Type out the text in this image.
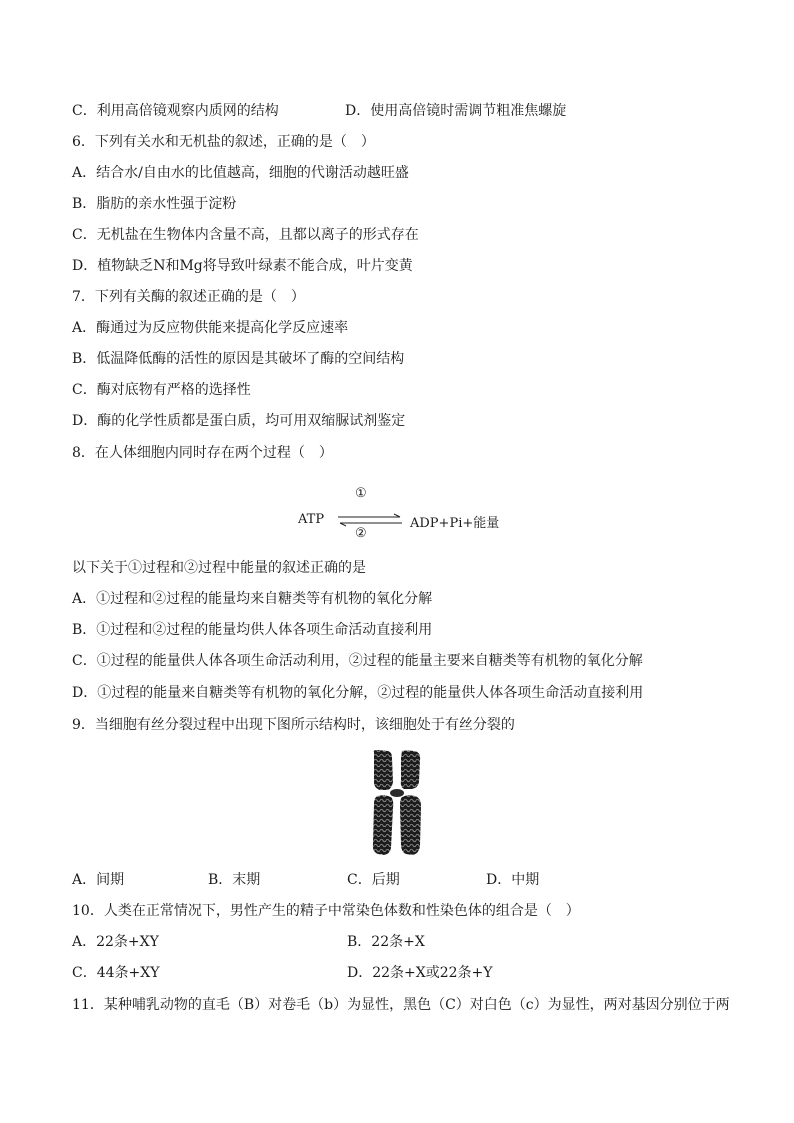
C．利用高倍镜观察内质网的结构	D．使用高倍镜时需调节粗准焦螺旋
6．下列有关水和无机盐的叙述，正确的是（　）
A．结合水/自由水的比值越高，细胞的代谢活动越旺盛
B．脂肪的亲水性强于淀粉
C．无机盐在生物体内含量不高，且都以离子的形式存在
D．植物缺乏N和Mg将导致叶绿素不能合成，叶片变黄
7．下列有关酶的叙述正确的是（　）
A．酶通过为反应物供能来提高化学反应速率
B．低温降低酶的活性的原因是其破坏了酶的空间结构
C．酶对底物有严格的选择性
D．酶的化学性质都是蛋白质，均可用双缩脲试剂鉴定
8．在人体细胞内同时存在两个过程（　）
①
ATP	ADP+Pi+能量
②
以下关于①过程和②过程中能量的叙述正确的是
A．①过程和②过程的能量均来自糖类等有机物的氧化分解
B．①过程和②过程的能量均供人体各项生命活动直接利用
C．①过程的能量供人体各项生命活动利用，②过程的能量主要来自糖类等有机物的氧化分解
D．①过程的能量来自糖类等有机物的氧化分解，②过程的能量供人体各项生命活动直接利用
9．当细胞有丝分裂过程中出现下图所示结构时，该细胞处于有丝分裂的
A．间期	B．末期	C．后期	D．中期
10．人类在正常情况下，男性产生的精子中常染色体数和性染色体的组合是（　）
A．22条+XY	B．22条+X
C．44条+XY	D．22条+X或22条+Y
11．某种哺乳动物的直毛（B）对卷毛（b）为显性，黑色（C）对白色（c）为显性，两对基因分别位于两
